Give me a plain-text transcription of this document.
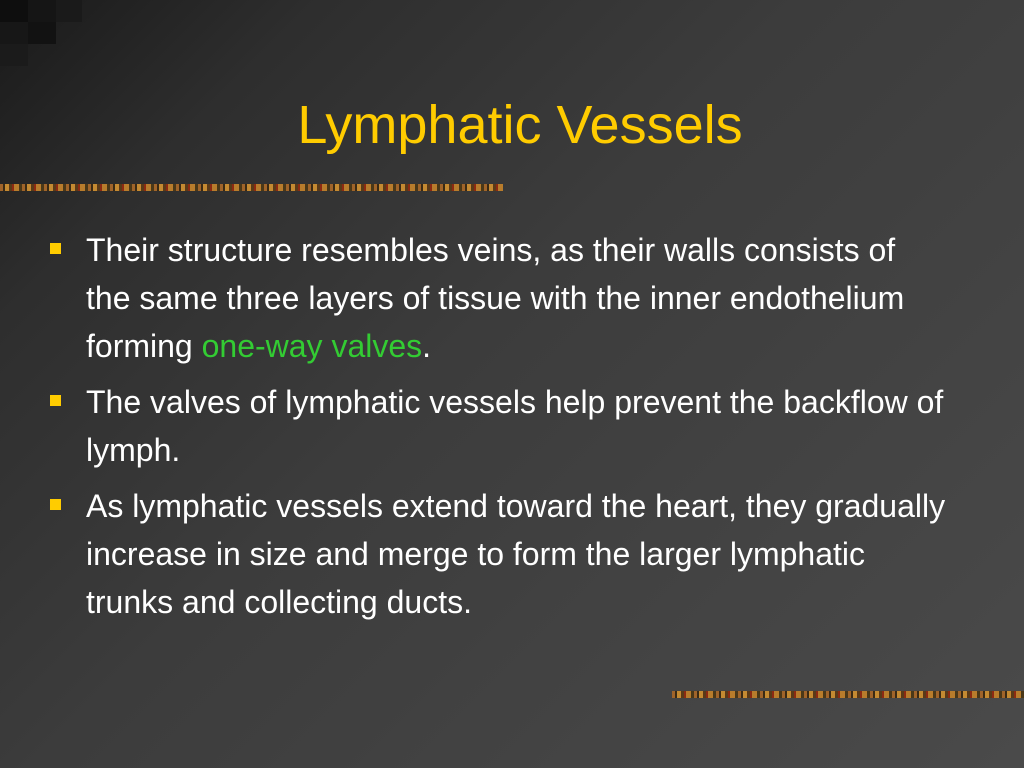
Lymphatic Vessels
Their structure resembles veins, as their walls consists of the same three layers of tissue with the inner endothelium forming one-way valves.
The valves of lymphatic vessels help prevent the backflow of lymph.
As lymphatic vessels extend toward the heart, they gradually increase in size and merge to form the larger lymphatic trunks and collecting ducts.
